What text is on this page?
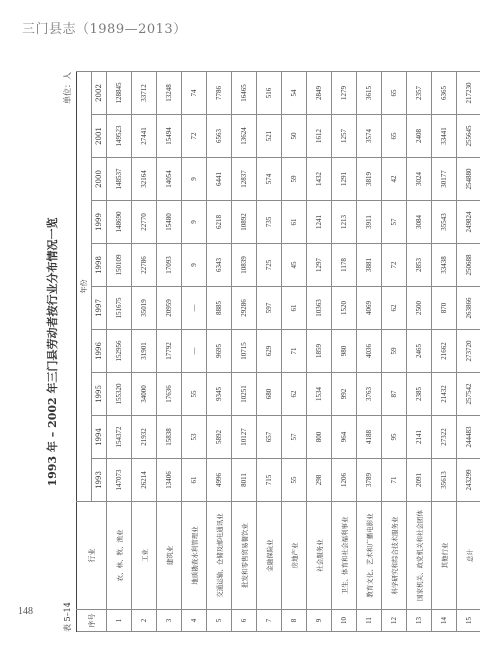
三门县志（1989—2013）
1993 年 – 2002 年三门县劳动者按行业分布情况一览
表 5–14
单位：人
序号	行业	年份									
		1993	1994	1995	1996	1997	1998	1999	2000	2001	2002
1	农、林、牧、渔业	147073	154372	155320	152956	151675	150109	148690	148537	149523	128845
2	工业	26214	21932	34000	31901	35019	22786	22770	32164	27441	33712
3	建筑业	13406	15838	17636	17792	20959	17093	15480	14054	15494	13248
4	地质勘查水利管理业	61	53	55	—	—	9	9	9	72	74
5	交通运输、仓储及邮电通讯业	4996	5892	9345	9695	8885	6343	6218	6441	6563	7786
6	批发和零售贸易餐饮业	8011	10127	10251	10715	29286	10839	10892	12837	13624	16465
7	金融保险业	715	657	680	629	597	725	735	574	521	516
8	房地产业	55	57	62	71	61	45	61	59	50	54
9	社会服务业	298	800	1534	1859	10363	1297	1241	1432	1612	2849
10	卫生、体育和社会福利事业	1206	964	992	980	1520	1178	1213	1291	1257	1279
11	教育文化、艺术和广播电影业	3789	4188	3763	4036	4069	3881	3911	3819	3574	3615
12	科学研究和综合技术服务业	71	95	87	59	62	72	57	42	65	65
13	国家机关、政党机关和社会团体	2091	2141	2385	2465	2500	2853	3084	3024	2408	2357
14	其他行业	35613	27322	21432	21662	870	33438	35543	30177	33441	6365
15	总计	243299	244483	257542	273720	263866	250688	249824	254880	255645	217230
148
